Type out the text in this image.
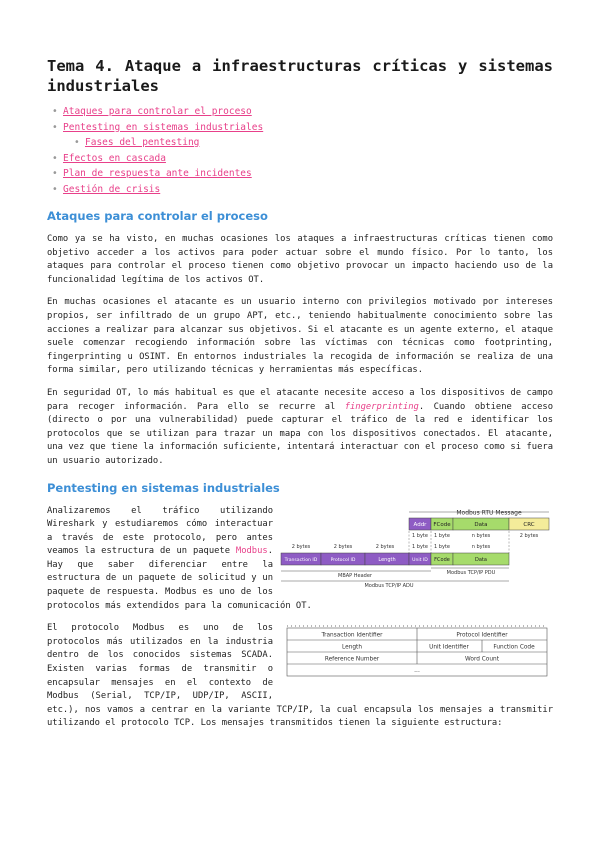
Tema 4. Ataque a infraestructuras críticas y sistemas industriales
• Ataques para controlar el proceso
• Pentesting en sistemas industriales
• Fases del pentesting
• Efectos en cascada
• Plan de respuesta ante incidentes
• Gestión de crisis
Ataques para controlar el proceso

Como ya se ha visto, en muchas ocasiones los ataques a infraestructuras críticas tienen como objetivo acceder a los activos para poder actuar sobre el mundo físico. Por lo tanto, los ataques para controlar el proceso tienen como objetivo provocar un impacto haciendo uso de la funcionalidad legítima de los activos OT.

En muchas ocasiones el atacante es un usuario interno con privilegios motivado por intereses propios, ser infiltrado de un grupo APT, etc., teniendo habitualmente conocimiento sobre las acciones a realizar para alcanzar sus objetivos. Si el atacante es un agente externo, el ataque suele comenzar recogiendo información sobre las víctimas con técnicas como footprinting, fingerprinting u OSINT. En entornos industriales la recogida de información se realiza de una forma similar, pero utilizando técnicas y herramientas más específicas.

En seguridad OT, lo más habitual es que el atacante necesite acceso a los dispositivos de campo para recoger información. Para ello se recurre al fingerprinting. Cuando obtiene acceso (directo o por una vulnerabilidad) puede capturar el tráfico de la red e identificar los protocolos que se utilizan para trazar un mapa con los dispositivos conectados. El atacante, una vez que tiene la información suficiente, intentará interactuar con el proceso como si fuera un usuario autorizado.

Pentesting en sistemas industriales
Modbus RTU Message
Addr FCode	Data	CRC
1 byte 1 byte	n bytes	2 bytes
2 bytes	2 bytes	2 bytes	1 byte 1 byte	n bytes
Transaction ID	Protocol ID	Length	Unit ID FCode	Data
MBAP Header	Modbus TCP/IP PDU
Modbus TCP/IP ADU

Analizaremos el tráfico utilizando Wireshark y estudiaremos cómo interactuar a través de este protocolo, pero antes veamos la estructura de un paquete Modbus. Hay que saber diferenciar entre la estructura de un paquete de solicitud y un paquete de respuesta. Modbus es uno de los protocolos más extendidos para la comunicación OT.

Transaction Identifier	Protocol Identifier
Length	Unit Identifier	Function Code
Reference Number	Word Count
...

El protocolo Modbus es uno de los protocolos más utilizados en la industria dentro de los conocidos sistemas SCADA. Existen varias formas de transmitir o encapsular mensajes en el contexto de Modbus (Serial, TCP/IP, UDP/IP, ASCII, etc.), nos vamos a centrar en la variante TCP/IP, la cual encapsula los mensajes a transmitir utilizando el protocolo TCP. Los mensajes transmitidos tienen la siguiente estructura:
